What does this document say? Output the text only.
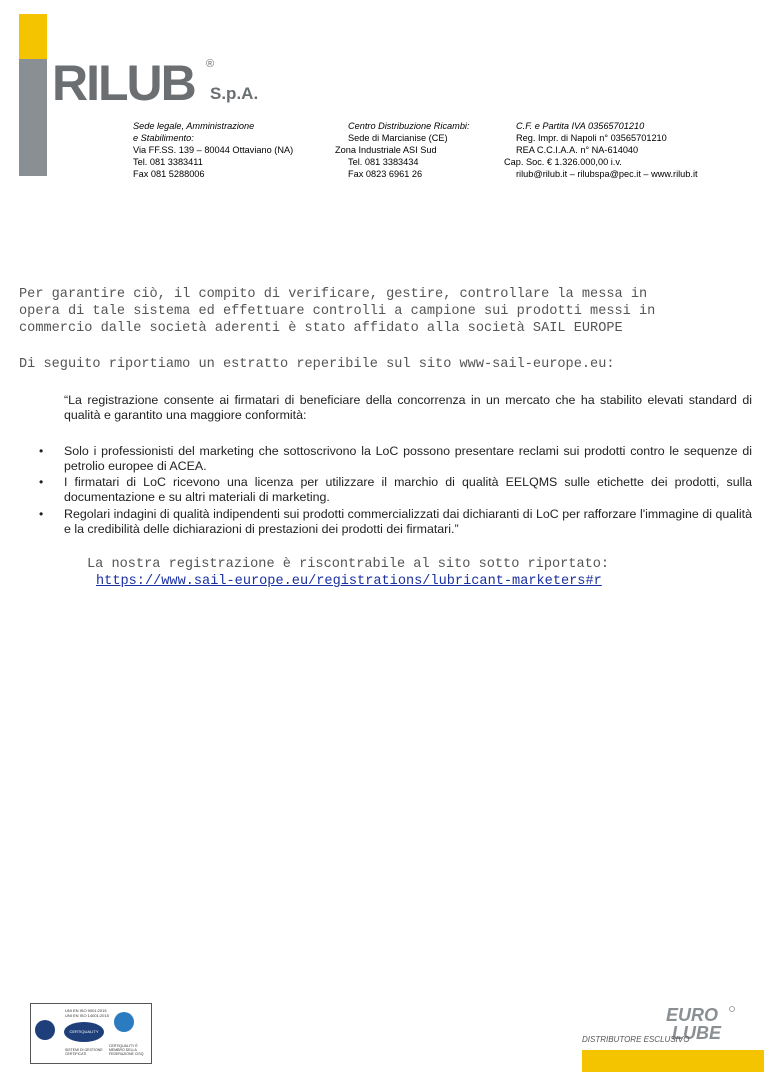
RILUB ®
S.p.A.
Sede legale, Amministrazione
e Stabilimento:
Via FF.SS. 139 – 80044 Ottaviano (NA)
Tel. 081 3383411
Fax 081 5288006
Centro Distribuzione Ricambi:
Sede di Marcianise (CE)
Zona Industriale ASI Sud
Tel. 081 3383434
Fax 0823 6961 26
C.F. e Partita IVA 03565701210
Reg. Impr. di Napoli n° 03565701210
REA C.C.I.A.A. n° NA-614040
Cap. Soc. € 1.326.000,00 i.v.
rilub@rilub.it – rilubspa@pec.it – www.rilub.it
Per garantire ciò, il compito di verificare, gestire, controllare la messa in
opera di tale sistema ed effettuare controlli a campione sui prodotti messi in
commercio dalle società aderenti è stato affidato alla società SAIL EUROPE
Di seguito riportiamo un estratto reperibile sul sito www-sail-europe.eu:
“La registrazione consente ai firmatari di beneficiare della concorrenza in un mercato che ha stabilito elevati standard di qualità e garantito una maggiore conformità:
• Solo i professionisti del marketing che sottoscrivono la LoC possono presentare reclami sui prodotti contro le sequenze di petrolio europee di ACEA.
• I firmatari di LoC ricevono una licenza per utilizzare il marchio di qualità EELQMS sulle etichette dei prodotti, sulla documentazione e su altri materiali di marketing.
• Regolari indagini di qualità indipendenti sui prodotti commercializzati dai dichiaranti di LoC per rafforzare l'immagine di qualità e la credibilità delle dichiarazioni di prestazioni dei prodotti dei firmatari.”
La nostra registrazione è riscontrabile al sito sotto riportato:
https://www.sail-europe.eu/registrations/lubricant-marketers#r
UNI EN ISO 9001:2015
UNI EN ISO 14001:2015
CERTIQUALITY
SISTEMI DI GESTIONE CERTIFICATI
CERTIQUALITY È MEMBRO DELLA FEDERAZIONE CISQ
EURO
LUBE
DISTRIBUTORE ESCLUSIVO
